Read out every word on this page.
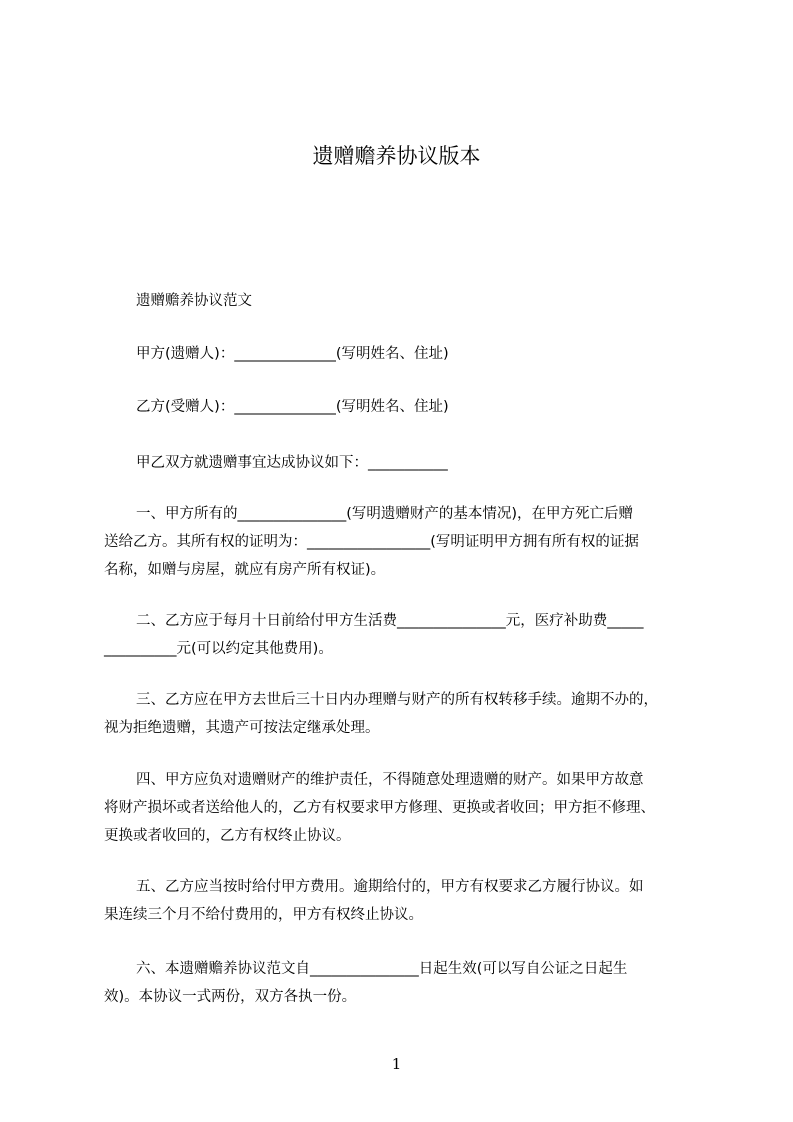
遗赠赡养协议版本

遗赠赡养协议范文

甲方(遗赠人)：______________(写明姓名、住址)

乙方(受赠人)：______________(写明姓名、住址)

甲乙双方就遗赠事宜达成协议如下：___________

一、甲方所有的_______________(写明遗赠财产的基本情况)，在甲方死亡后赠
送给乙方。其所有权的证明为：_________________(写明证明甲方拥有所有权的证据
名称，如赠与房屋，就应有房产所有权证)。

二、乙方应于每月十日前给付甲方生活费_______________元，医疗补助费_____
__________元(可以约定其他费用)。

三、乙方应在甲方去世后三十日内办理赠与财产的所有权转移手续。逾期不办的，
视为拒绝遗赠，其遗产可按法定继承处理。

四、甲方应负对遗赠财产的维护责任，不得随意处理遗赠的财产。如果甲方故意
将财产损坏或者送给他人的，乙方有权要求甲方修理、更换或者收回；甲方拒不修理、
更换或者收回的，乙方有权终止协议。

五、乙方应当按时给付甲方费用。逾期给付的，甲方有权要求乙方履行协议。如
果连续三个月不给付费用的，甲方有权终止协议。

六、本遗赠赡养协议范文自_______________日起生效(可以写自公证之日起生
效)。本协议一式两份，双方各执一份。

1
